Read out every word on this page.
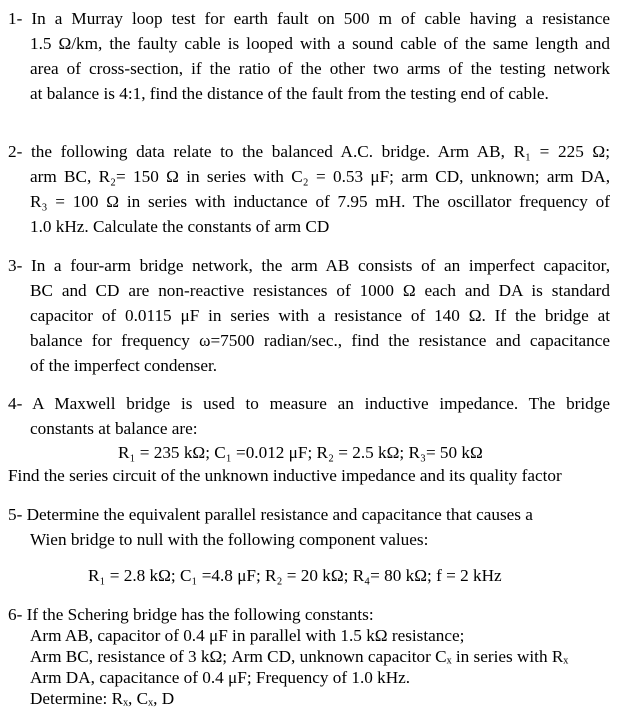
1- In a Murray loop test for earth fault on 500 m of cable having a resistance
1.5 Ω/km, the faulty cable is looped with a sound cable of the same length and
area of cross-section, if the ratio of the other two arms of the testing network
at balance is 4:1, find the distance of the fault from the testing end of cable.
2- the following data relate to the balanced A.C. bridge. Arm AB, R₁ = 225 Ω;
arm BC, R₂= 150 Ω in series with C₂ = 0.53 μF; arm CD, unknown; arm DA,
R₃ = 100 Ω in series with inductance of 7.95 mH. The oscillator frequency of
1.0 kHz. Calculate the constants of arm CD
3- In a four-arm bridge network, the arm AB consists of an imperfect capacitor,
BC and CD are non-reactive resistances of 1000 Ω each and DA is standard
capacitor of 0.0115 μF in series with a resistance of 140 Ω. If the bridge at
balance for frequency ω=7500 radian/sec., find the resistance and capacitance
of the imperfect condenser.
4- A Maxwell bridge is used to measure an inductive impedance. The bridge
constants at balance are:
R₁ = 235 kΩ; C₁ =0.012 μF; R₂ = 2.5 kΩ; R₃= 50 kΩ
Find the series circuit of the unknown inductive impedance and its quality factor
5- Determine the equivalent parallel resistance and capacitance that causes a
Wien bridge to null with the following component values:
R₁ = 2.8 kΩ; C₁ =4.8 μF; R₂ = 20 kΩ; R₄= 80 kΩ; f = 2 kHz
6- If the Schering bridge has the following constants:
Arm AB, capacitor of 0.4 μF in parallel with 1.5 kΩ resistance;
Arm BC, resistance of 3 kΩ; Arm CD, unknown capacitor Cₓ in series with Rₓ
Arm DA, capacitance of 0.4 μF; Frequency of 1.0 kHz.
Determine: Rₓ, Cₓ, D
